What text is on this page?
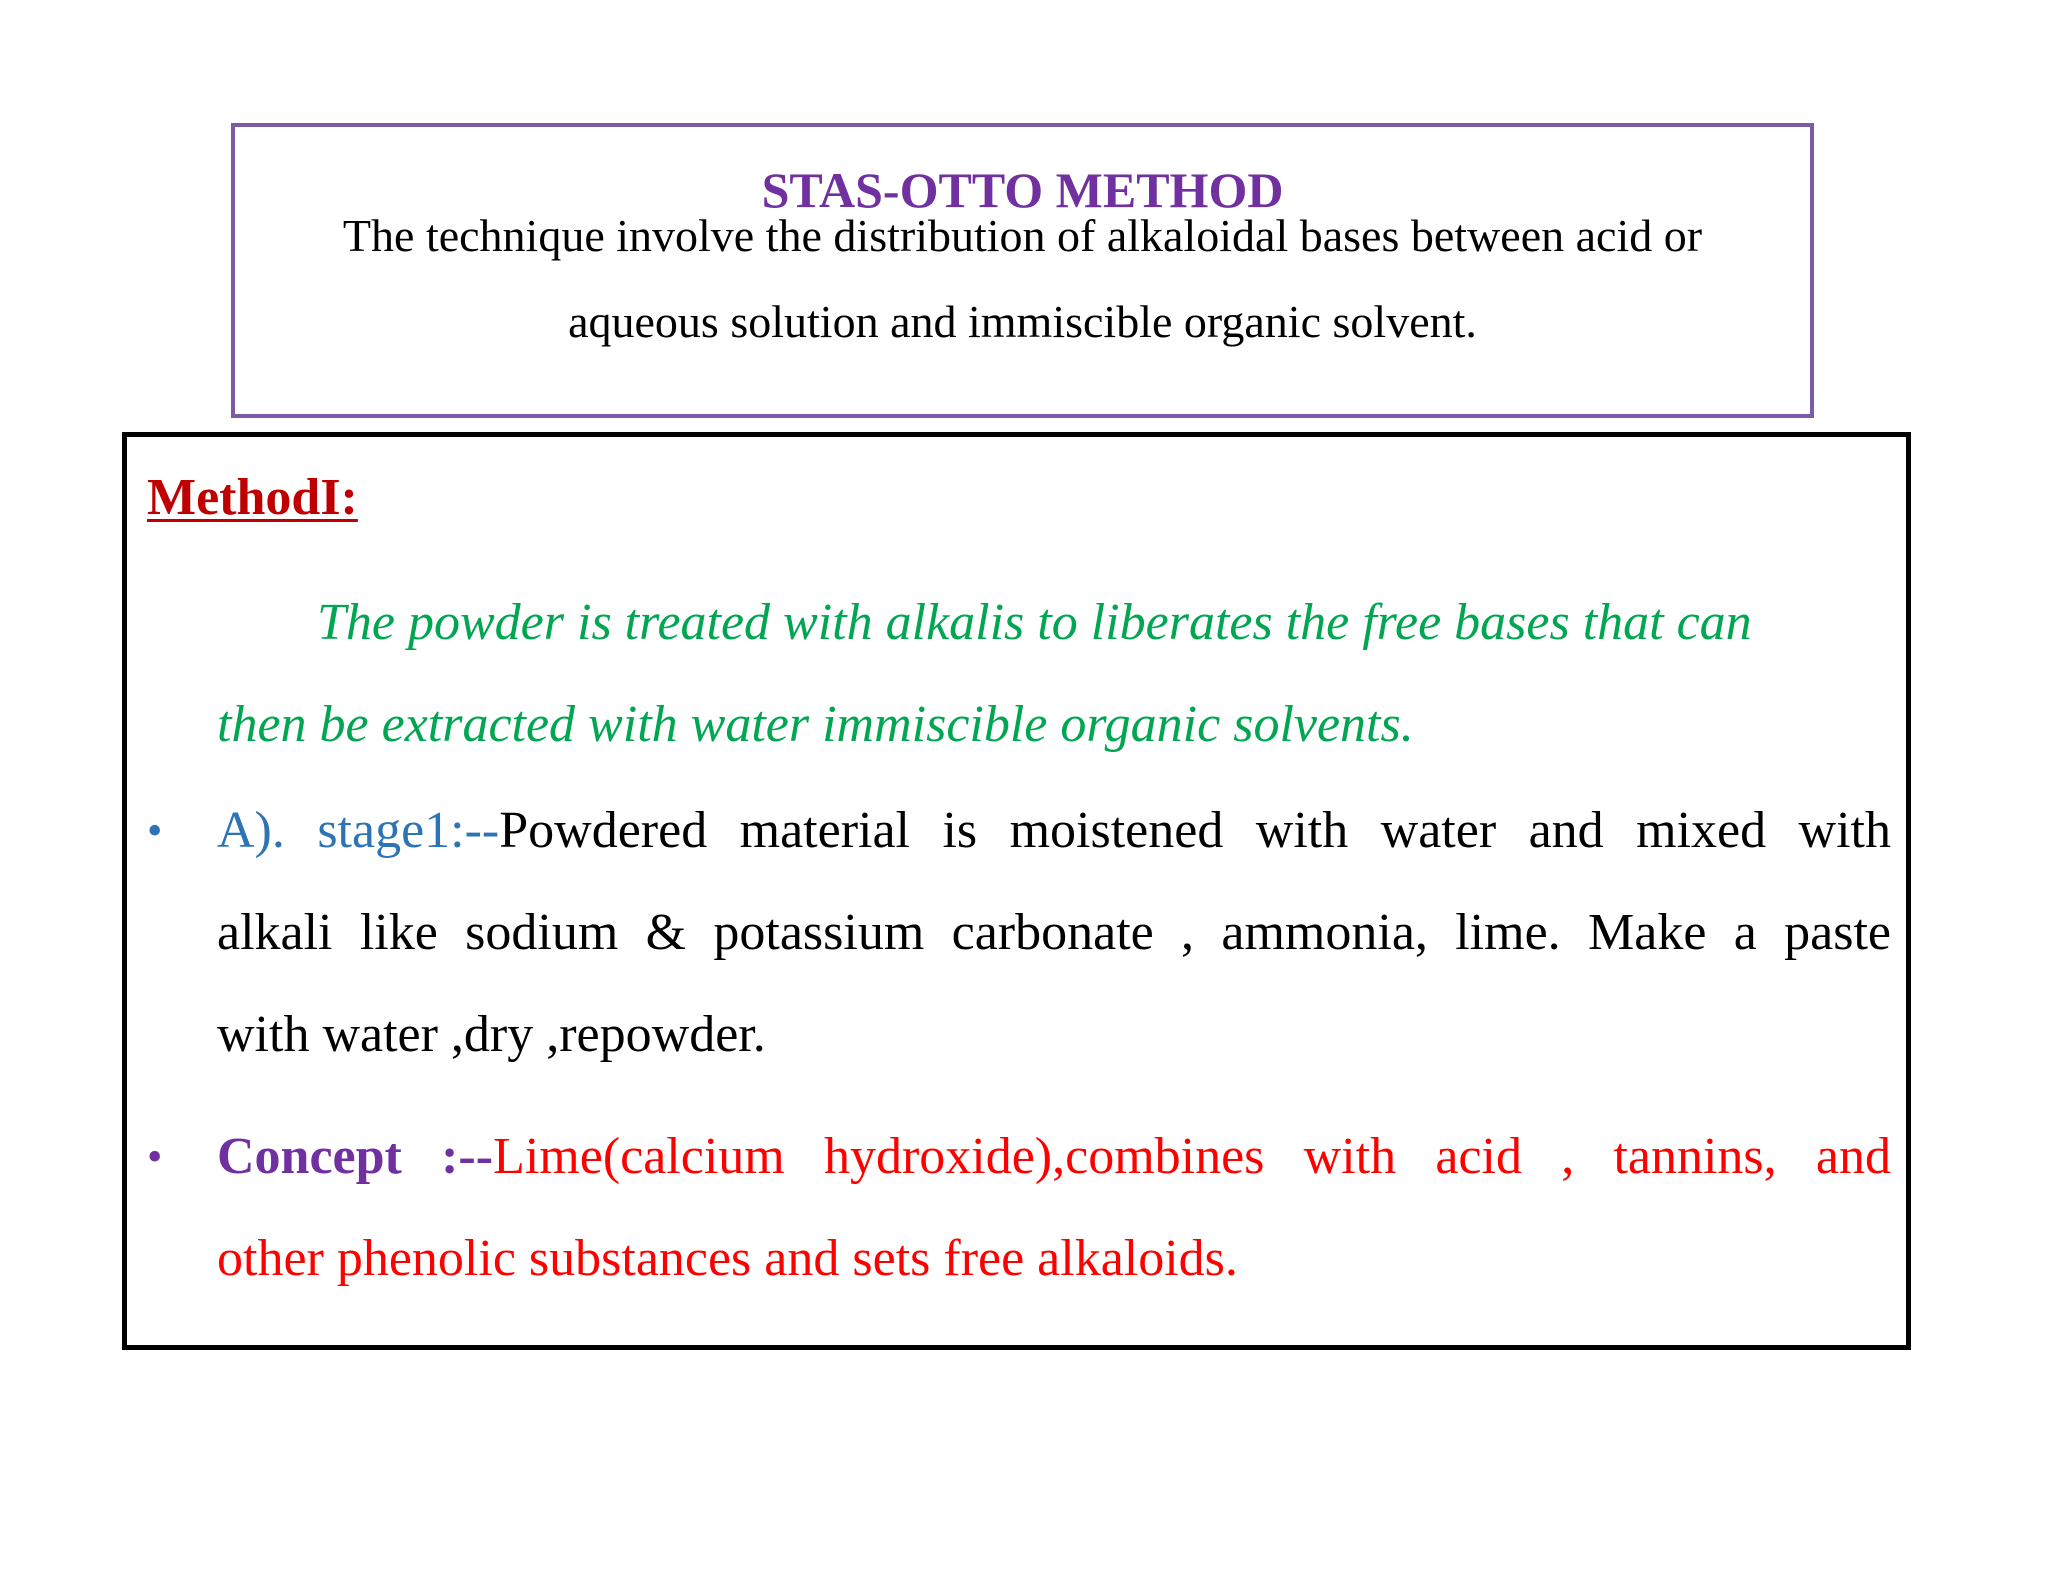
STAS-OTTO METHOD
The technique involve the distribution of alkaloidal bases between acid or
aqueous solution and immiscible organic solvent.
MethodI:
The powder is treated with alkalis to liberates the free bases that can
then be extracted with water immiscible organic solvents.
• A). stage1:--Powdered material is moistened with water and mixed with
alkali like sodium & potassium carbonate , ammonia, lime. Make a paste
with water ,dry ,repowder.
• Concept :--Lime(calcium hydroxide),combines with acid , tannins, and
other phenolic substances and sets free alkaloids.
